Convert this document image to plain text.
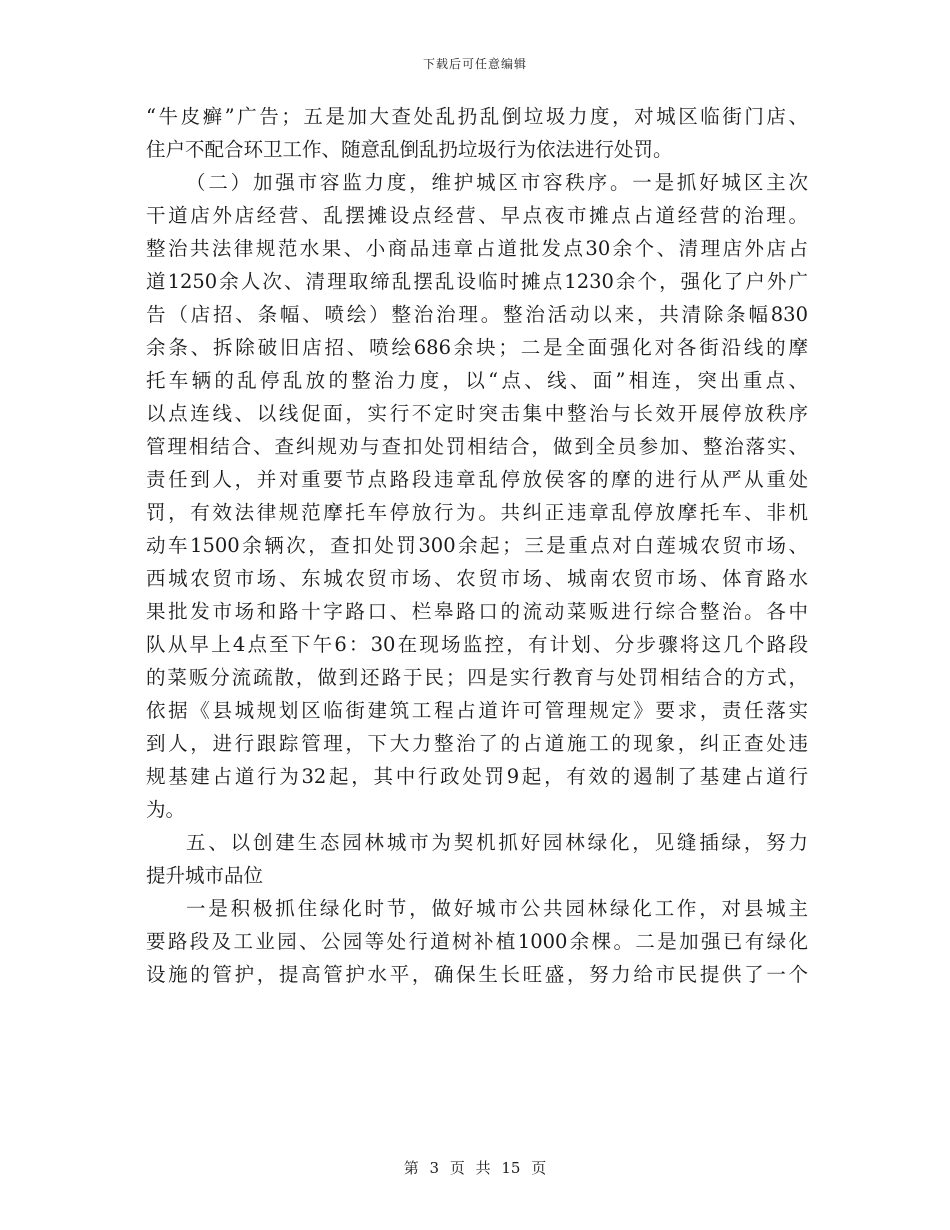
下载后可任意编辑
“牛皮癣”广告；五是加大查处乱扔乱倒垃圾力度，对城区临街门店、
住户不配合环卫工作、随意乱倒乱扔垃圾行为依法进行处罚。
（二）加强市容监力度，维护城区市容秩序。一是抓好城区主次
干道店外店经营、乱摆摊设点经营、早点夜市摊点占道经营的治理。
整治共法律规范水果、小商品违章占道批发点30余个、清理店外店占
道1250余人次、清理取缔乱摆乱设临时摊点1230余个，强化了户外广
告（店招、条幅、喷绘）整治治理。整治活动以来，共清除条幅830
余条、拆除破旧店招、喷绘686余块；二是全面强化对各街沿线的摩
托车辆的乱停乱放的整治力度，以“点、线、面”相连，突出重点、
以点连线、以线促面，实行不定时突击集中整治与长效开展停放秩序
管理相结合、查纠规劝与查扣处罚相结合，做到全员参加、整治落实、
责任到人，并对重要节点路段违章乱停放侯客的摩的进行从严从重处
罚，有效法律规范摩托车停放行为。共纠正违章乱停放摩托车、非机
动车1500余辆次，查扣处罚300余起；三是重点对白莲城农贸市场、
西城农贸市场、东城农贸市场、农贸市场、城南农贸市场、体育路水
果批发市场和路十字路口、栏皋路口的流动菜贩进行综合整治。各中
队从早上4点至下午6：30在现场监控，有计划、分步骤将这几个路段
的菜贩分流疏散，做到还路于民；四是实行教育与处罚相结合的方式，
依据《县城规划区临街建筑工程占道许可管理规定》要求，责任落实
到人，进行跟踪管理，下大力整治了的占道施工的现象，纠正查处违
规基建占道行为32起，其中行政处罚9起，有效的遏制了基建占道行
为。
五、以创建生态园林城市为契机抓好园林绿化，见缝插绿，努力
提升城市品位
一是积极抓住绿化时节，做好城市公共园林绿化工作，对县城主
要路段及工业园、公园等处行道树补植1000余棵。二是加强已有绿化
设施的管护，提高管护水平，确保生长旺盛，努力给市民提供了一个
第 3 页 共 15 页
